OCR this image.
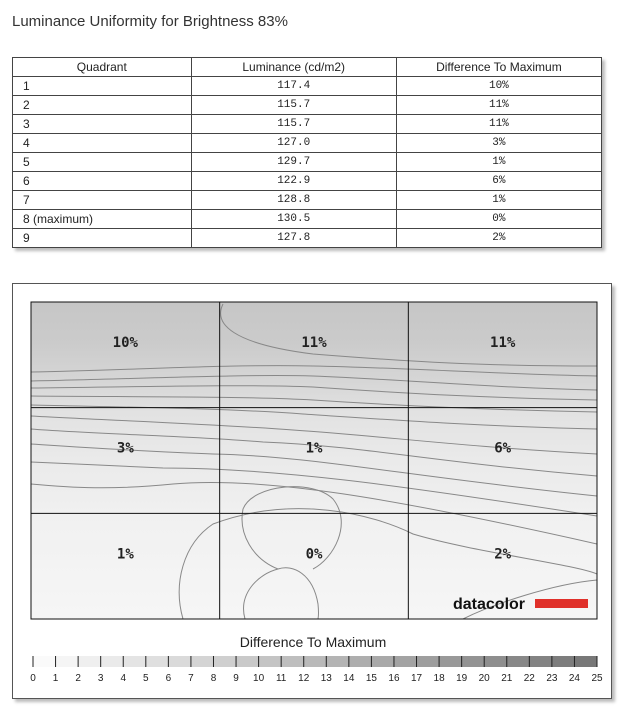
Luminance Uniformity for Brightness 83%
Quadrant	Luminance (cd/m2)	Difference To Maximum
1	117.4	10%
2	115.7	11%
3	115.7	11%
4	127.0	3%
5	129.7	1%
6	122.9	6%
7	128.8	1%
8 (maximum)	130.5	0%
9	127.8	2%
10%	11%	11%
3%	1%	6%
1%	0%	2%
datacolor
Difference To Maximum
0 1 2 3 4 5 6 7 8 9 10 11 12 13 14 15 16 17 18 19 20 21 22 23 24 25
